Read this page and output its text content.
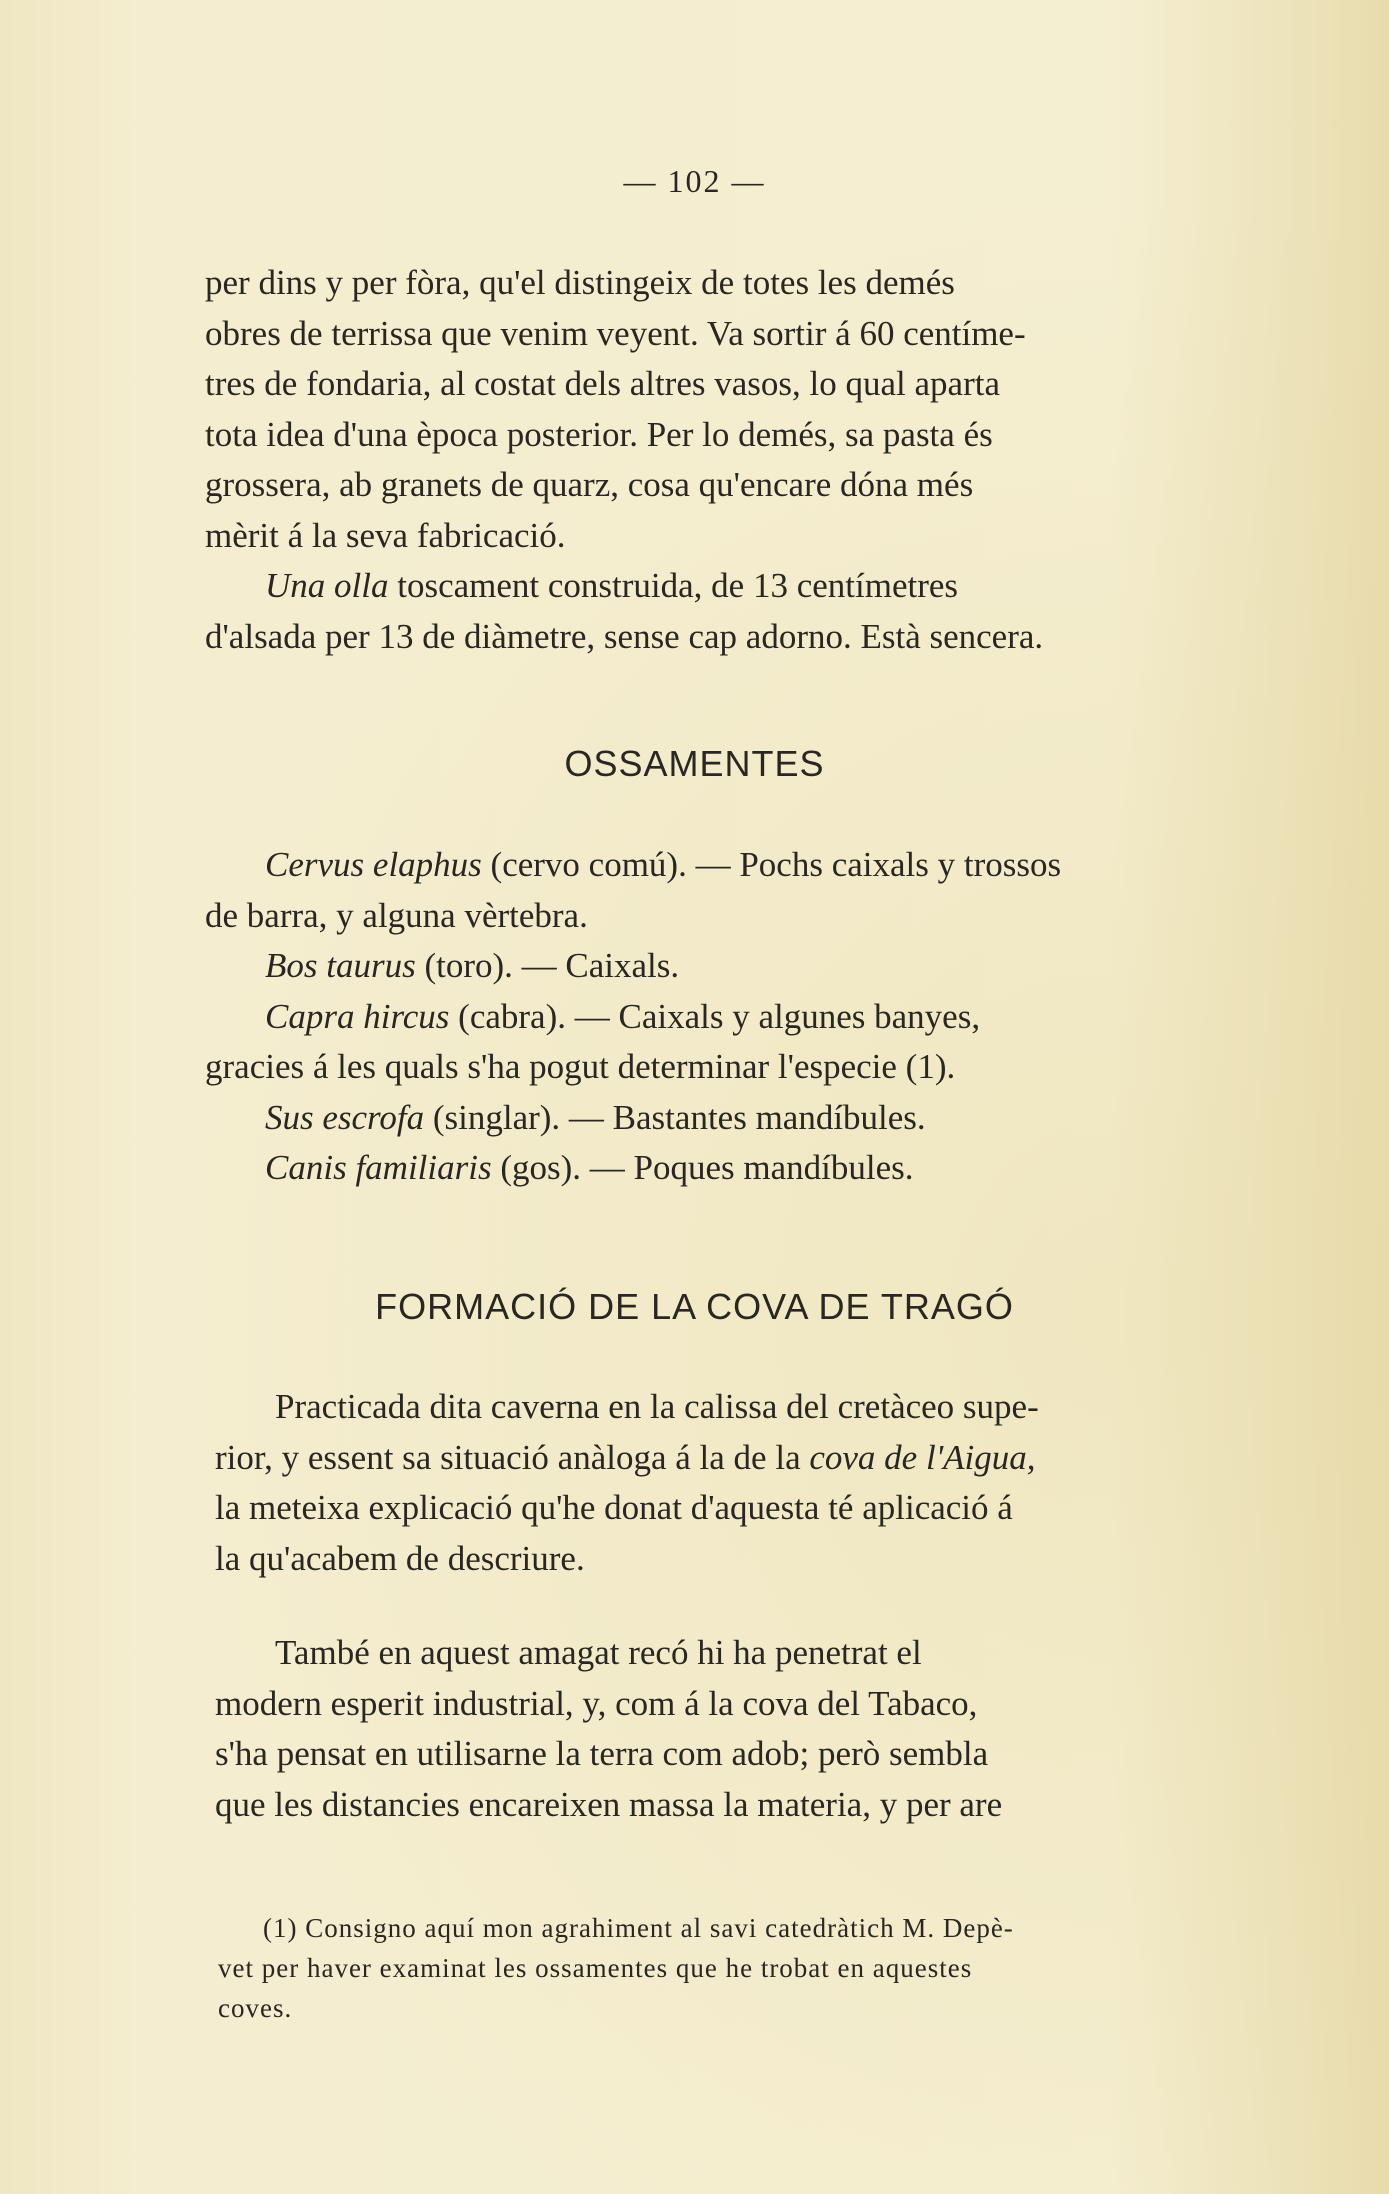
— 102 —

per dins y per fòra, qu'el distingeix de totes les demés

obres de terrissa que venim veyent. Va sortir á 60 centíme-

tres de fondaria, al costat dels altres vasos, lo qual aparta

tota idea d'una època posterior. Per lo demés, sa pasta és

grossera, ab granets de quarz, cosa qu'encare dóna més

mèrit á la seva fabricació.

Una olla toscament construida, de 13 centímetres

d'alsada per 13 de diàmetre, sense cap adorno. Està sencera.

OSSAMENTES

Cervus elaphus (cervo comú). — Pochs caixals y trossos

de barra, y alguna vèrtebra.

Bos taurus (toro). — Caixals.

Capra hircus (cabra). — Caixals y algunes banyes,

gracies á les quals s'ha pogut determinar l'especie (1).

Sus escrofa (singlar). — Bastantes mandíbules.

Canis familiaris (gos). — Poques mandíbules.

FORMACIÓ DE LA COVA DE TRAGÓ

Practicada dita caverna en la calissa del cretàceo supe-

rior, y essent sa situació anàloga á la de la cova de l'Aigua,

la meteixa explicació qu'he donat d'aquesta té aplicació á

la qu'acabem de descriure.

També en aquest amagat recó hi ha penetrat el

modern esperit industrial, y, com á la cova del Tabaco,

s'ha pensat en utilisarne la terra com adob; però sembla

que les distancies encareixen massa la materia, y per are

(1) Consigno aquí mon agrahiment al savi catedràtich M. Depè-

vet per haver examinat les ossamentes que he trobat en aquestes

coves.
